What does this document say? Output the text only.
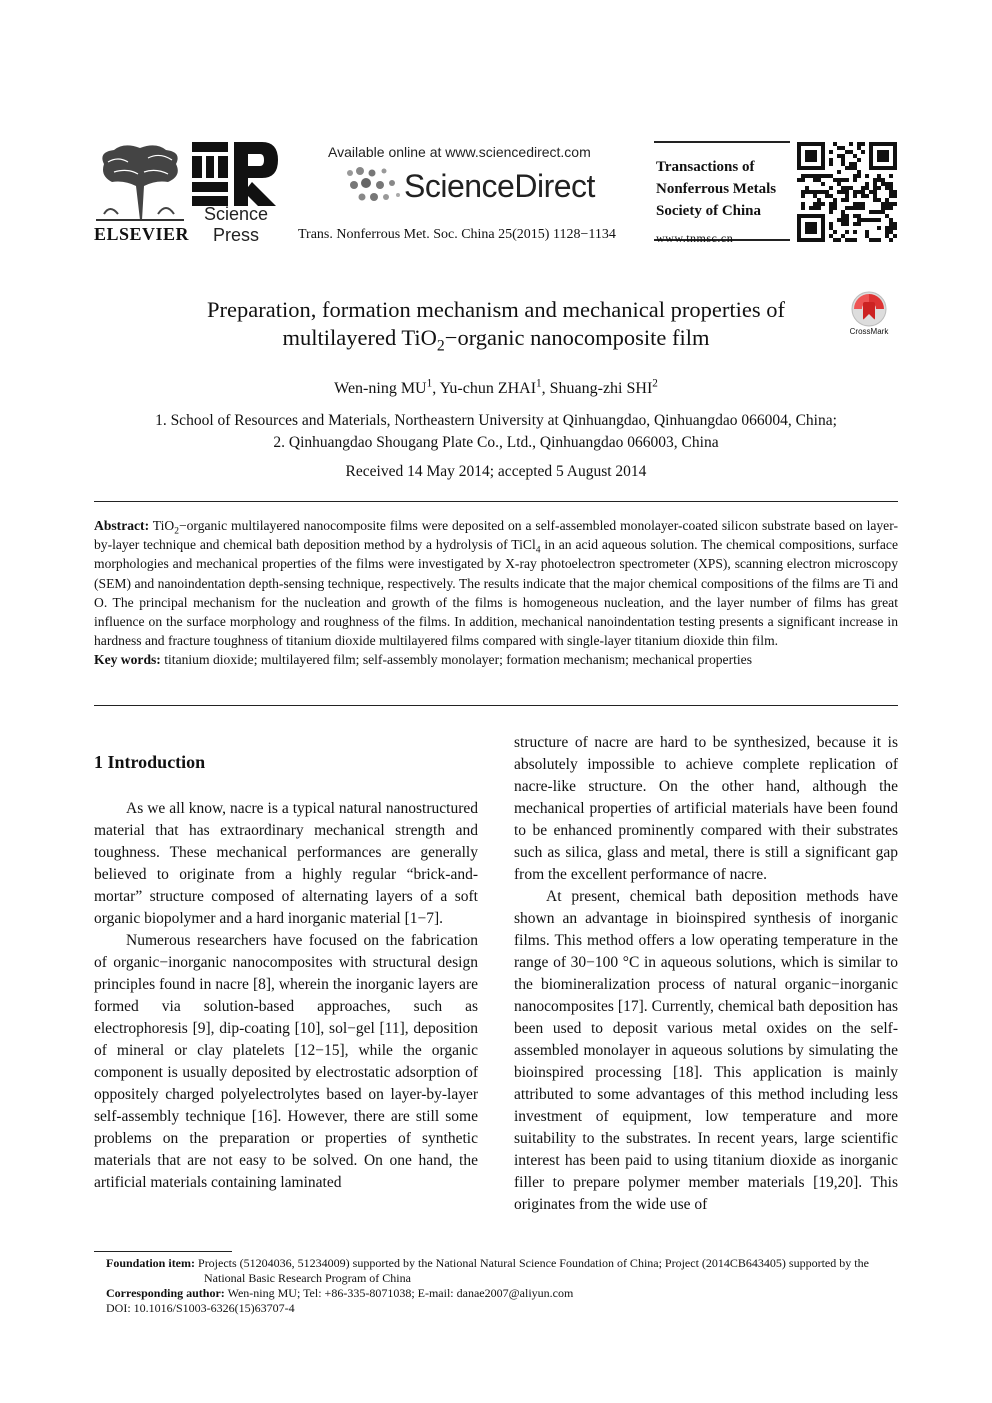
ELSEVIER
Science
Press
Available online at www.sciencedirect.com
ScienceDirect
Trans. Nonferrous Met. Soc. China 25(2015) 1128−1134
Transactions of
Nonferrous Metals
Society of China
www.tnmsc.cn
Preparation, formation mechanism and mechanical properties of
multilayered TiO$_2$−organic nanocomposite film	CrossMark
Wen-ning $MU^1$, Yu-chun ZHAI$^1$, Shuang-zhi SHI$^2$
1. School of Resources and Materials, Northeastern University at Qinhuangdao, Qinhuangdao 066004, China;
2. Qinhuangdao Shougang Plate Co., Ltd., Qinhuangdao 066003, China
Received 14 May 2014; accepted 5 August 2014
Abstract: TiO$_2$−organic multilayered nanocomposite films were deposited on a self-assembled monolayer-coated silicon substrate based on layer-by-layer technique and chemical bath deposition method by a hydrolysis of TiCl$_4$ in an acid aqueous solution. The chemical compositions, surface morphologies and mechanical properties of the films were investigated by X-ray photoelectron spectrometer (XPS), scanning electron microscopy (SEM) and nanoindentation depth-sensing technique, respectively. The results indicate that the major chemical compositions of the films are Ti and O. The principal mechanism for the nucleation and growth of the films is homogeneous nucleation, and the layer number of films has great influence on the surface morphology and roughness of the films. In addition, mechanical nanoindentation testing presents a significant increase in hardness and fracture toughness of titanium dioxide multilayered films compared with single-layer titanium dioxide thin film.
Key words: titanium dioxide; multilayered film; self-assembly monolayer; formation mechanism; mechanical properties
1 Introduction

As we all know, nacre is a typical natural nanostructured material that has extraordinary mechanical strength and toughness. These mechanical performances are generally believed to originate from a highly regular “brick-and-mortar” structure composed of alternating layers of a soft organic biopolymer and a hard inorganic material [1−7].

Numerous researchers have focused on the fabrication of organic−inorganic nanocomposites with structural design principles found in nacre [8], wherein the inorganic layers are formed via solution-based approaches, such as electrophoresis [9], dip-coating [10], sol−gel [11], deposition of mineral or clay platelets [12−15], while the organic component is usually deposited by electrostatic adsorption of oppositely charged polyelectrolytes based on layer-by-layer self-assembly technique [16]. However, there are still some problems on the preparation or properties of synthetic materials that are not easy to be solved. On one hand, the artificial materials containing laminated

structure of nacre are hard to be synthesized, because it is absolutely impossible to achieve complete replication of nacre-like structure. On the other hand, although the mechanical properties of artificial materials have been found to be enhanced prominently compared with their substrates such as silica, glass and metal, there is still a significant gap from the excellent performance of nacre.

At present, chemical bath deposition methods have shown an advantage in bioinspired synthesis of inorganic films. This method offers a low operating temperature in the range of 30−100 °C in aqueous solutions, which is similar to the biomineralization process of natural organic−inorganic nanocomposites [17]. Currently, chemical bath deposition has been used to deposit various metal oxides on the self-assembled monolayer in aqueous solutions by simulating the bioinspired processing [18]. This application is mainly attributed to some advantages of this method including less investment of equipment, low temperature and more suitability to the substrates. In recent years, large scientific interest has been paid to using titanium dioxide as inorganic filler to prepare polymer member materials [19,20]. This originates from the wide use of

Foundation item: Projects (51204036, 51234009) supported by the National Natural Science Foundation of China; Project (2014CB643405) supported by the National Basic Research Program of China
Corresponding author: Wen-ning MU; Tel: +86-335-8071038; E-mail: danae2007@aliyun.com
DOI: 10.1016/S1003-6326(15)63707-4
